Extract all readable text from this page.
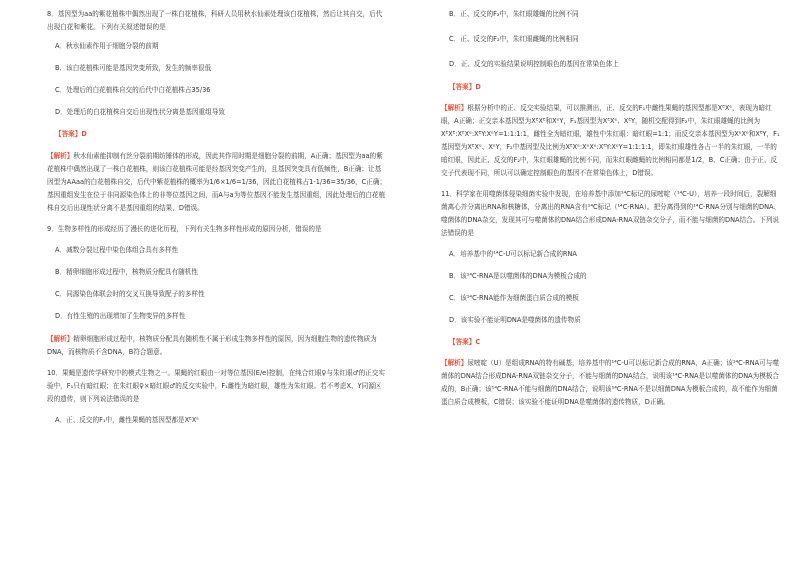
8．基因型为aa的紫花植株中偶然出现了一株白花植株，科研人员用秋水仙素处理该白花植株，然后让其自交，后代出现白花和紫花。下列有关叙述错误的是

A．秋水仙素作用于细胞分裂的前期

B．该白花植株可能是基因突变所致，发生的频率很低

C．处理后的白花植株自交的后代中白花植株占35/36

D．处理后的白花植株自交后出现性状分离是基因重组导致

【答案】D

【解析】秋水仙素能抑制有丝分裂前期纺锤体的形成，因此其作用时期是细胞分裂的前期，A正确；基因型为aa的紫花植株中偶然出现了一株白花植株，则该白花植株可能是经基因突变产生的，且基因突变具有低频性，B正确；让基因型为AAaa的白花植株自交，后代中紫花植株的概率为1/6×1/6=1/36，因此白花植株占1-1/36=35/36，C正确；基因重组发生在位于非同源染色体上的非等位基因之间，而A与a为等位基因不能发生基因重组，因此处理后的白花植株自交后出现性状分离不是基因重组的结果，D错误。

9．生物多样性的形成经历了漫长的进化历程，下列有关生物多样性形成的原因分析，错误的是

A．减数分裂过程中染色体组合具有多样性

B．精卵细胞形成过程中，核物质分配具有随机性

C．同源染色体联会时的交叉互换导致配子的多样性

D．有性生殖的出现增加了生物变异的多样性

【解析】精卵细胞形成过程中，核物质分配具有随机性不属于形成生物多样性的原因，因为细胞生物的遗传物质为DNA，而核物质不含DNA，B符合题意。

10．果蝇是遗传学研究中的模式生物之一。果蝇的红眼由一对等位基因(E/e)控制，在纯合红眼♀与朱红眼♂的正交实验中，F₁只有暗红眼；在朱红眼♀×暗红眼♂的反交实验中，F₁雌性为暗红眼，雄性为朱红眼。若不考虑X、Y同源区段的遗传，则下列说法错误的是

A．正、反交的F₁中，雌性果蝇的基因型都是XᴱXᵉ

B．正、反交的F₂中，朱红眼雄蝇的比例不同

C．正、反交的F₂中，朱红眼雌蝇的比例相同

D．正、反交的实验结果说明控制眼色的基因在常染色体上

【答案】D

【解析】根据分析中的正、反交实验结果，可以推测出，正、反交的F₁中雌性果蝇的基因型都是XᴱXᵉ，表现为暗红眼，A正确；正交亲本基因型为XᴱXᴱ和XᵉY，F₁基因型为XᴱXᵉ、XᴱY，随机交配得到F₂中，朱红眼雄蝇的比例为XᴱXᴱ:XᴱXᵉ:XᴱY:XᵉY=1:1:1:1，雌性全为暗红眼，雄性中朱红眼：暗红眼=1:1；而反交亲本基因型为XᵉXᵉ和XᴱY，F₁基因型为XᴱXᵉ、XᵉY，F₂中基因型及比例为XᴱXᵉ:XᵉXᵉ:XᴱY:XᵉY=1:1:1:1，即朱红眼雄性各占一半的朱红眼，一半的暗红眼，因此正、反交的F₂中，朱红眼雄蝇的比例不同，而朱红眼雌蝇的比例相同都是1/2，B、C正确；由于正、反交子代表现不同，所以可以确定控制眼色的基因不在常染色体上，D错误。

11．科学家在用噬菌体侵染细菌实验中发现，在培养基中添加¹⁴C标记的尿嘧啶（¹⁴C-U），培养一段时间后，裂解细菌离心并分离出RNA和核糖体，分离出的RNA含有¹⁴C标记（¹⁴C-RNA）。把分离得到的¹⁴C-RNA分别与细菌的DNA、噬菌体的DNA杂交，发现其可与噬菌体的DNA结合形成DNA-RNA双链杂交分子，而不能与细菌的DNA结合。下列说法错误的是

A．培养基中的¹⁴C-U可以标记新合成的RNA

B．该¹⁴C-RNA是以噬菌体的DNA为模板合成的

C．该¹⁴C-RNA能作为细菌蛋白质合成的模板

D．该实验不能证明DNA是噬菌体的遗传物质

【答案】C

【解析】尿嘧啶（U）是组成RNA的特有碱基，培养基中的¹⁴C-U可以标记新合成的RNA，A正确；该¹⁴C-RNA可与噬菌体的DNA结合形成DNA-RNA双链杂交分子，不能与细菌的DNA结合，说明该¹⁴C-RNA是以噬菌体的DNA为模板合成的，B正确；该¹⁴C-RNA不能与细菌的DNA结合，说明该¹⁴C-RNA不是以细菌DNA为模板合成的，故不能作为细菌蛋白质合成模板，C错误；该实验不能证明DNA是噬菌体的遗传物质，D正确。
